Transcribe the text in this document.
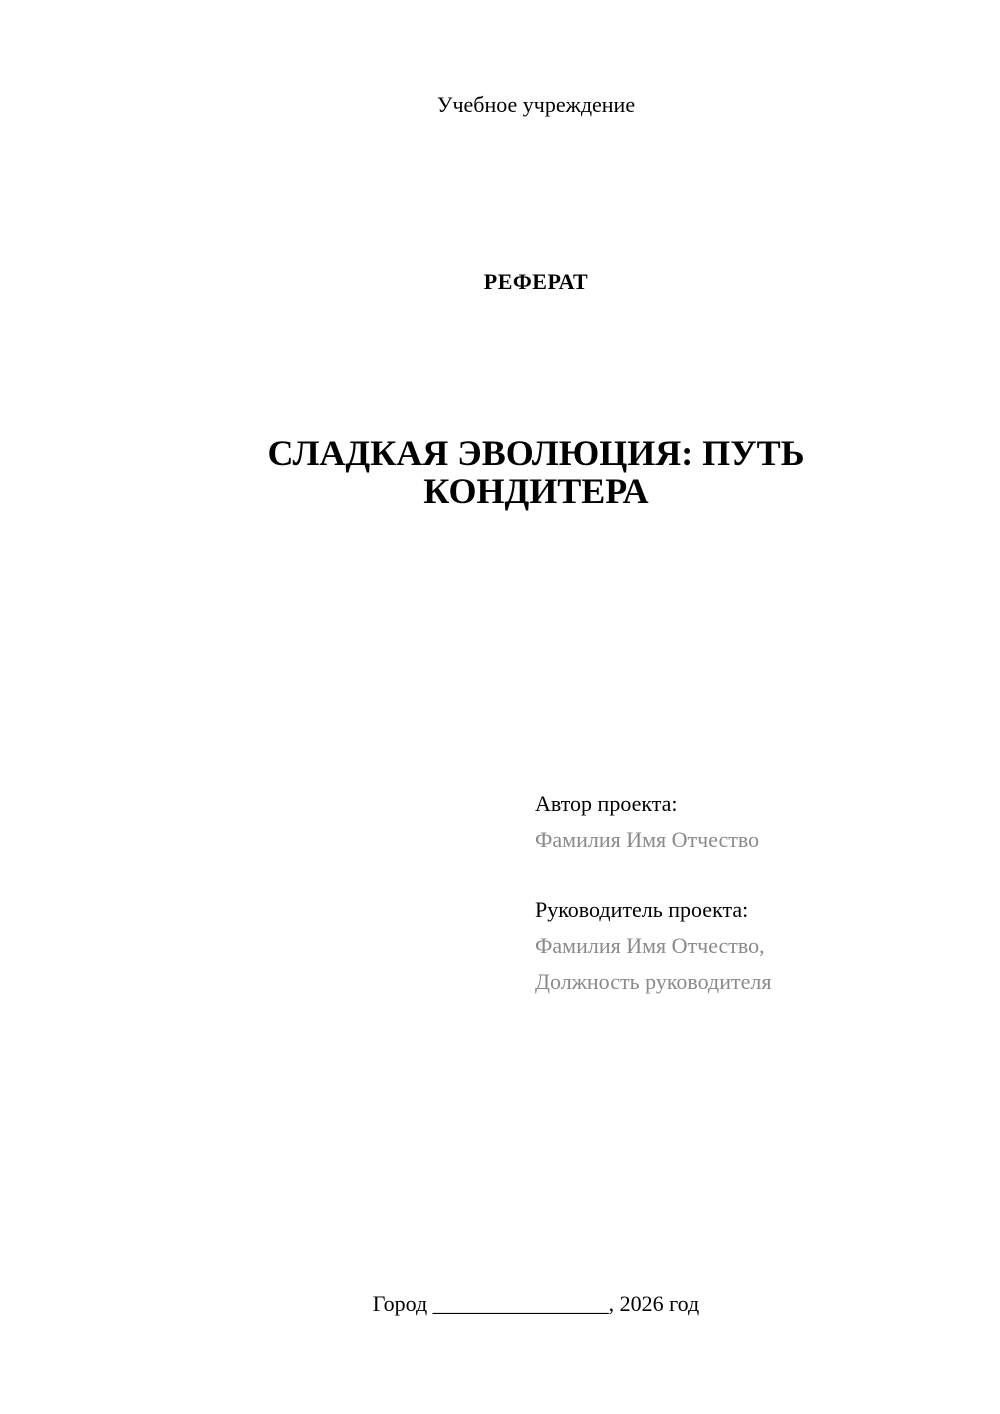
Учебное учреждение
РЕФЕРАТ
СЛАДКАЯ ЭВОЛЮЦИЯ: ПУТЬ КОНДИТЕРА
Автор проекта:
Фамилия Имя Отчество
Руководитель проекта:
Фамилия Имя Отчество,
Должность руководителя
Город ________________, 2026 год
